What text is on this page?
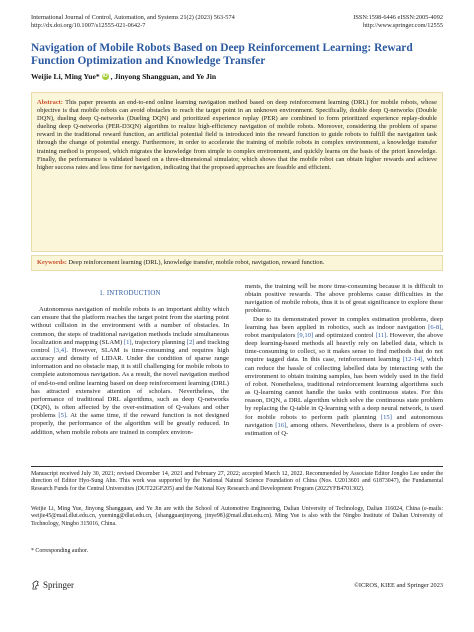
International Journal of Control, Automation, and Systems 21(2) (2023) 563-574	ISSN:1598-6446 eISSN:2005-4092
http://dx.doi.org/10.1007/s12555-021-0642-7	http://www.springer.com/12555
Navigation of Mobile Robots Based on Deep Reinforcement Learning: Reward Function Optimization and Knowledge Transfer
Weijie Li, Ming Yue* iD , Jinyong Shangguan, and Ye Jin
Abstract: This paper presents an end-to-end online learning navigation method based on deep reinforcement learning (DRL) for mobile robots, whose objective is that mobile robots can avoid obstacles to reach the target point in an unknown environment. Specifically, double deep Q-networks (Double DQN), dueling deep Q-networks (Dueling DQN) and prioritized experience replay (PER) are combined to form prioritized experience replay-double dueling deep Q-networks (PER-D3QN) algorithm to realize high-efficiency navigation of mobile robots. Moreover, considering the problem of sparse reward in the traditional reward function, an artificial potential field is introduced into the reward function to guide robots to fulfill the navigation task through the change of potential energy. Furthermore, in order to accelerate the training of mobile robots in complex environment, a knowledge transfer training method is proposed, which migrates the knowledge from simple to complex environment, and quickly learns on the basis of the priori knowledge. Finally, the performance is validated based on a three-dimensional simulator, which shows that the mobile robot can obtain higher rewards and achieve higher success rates and less time for navigation, indicating that the proposed approaches are feasible and efficient.
Keywords: Deep reinforcement learning (DRL), knowledge transfer, mobile robot, navigation, reward function.
1. INTRODUCTION

Autonomous navigation of mobile robots is an important ability which can ensure that the platform reaches the target point from the starting point without collision in the environment with a number of obstacles. In common, the steps of traditional navigation methods include simultaneous localization and mapping (SLAM) [1], trajectory planning [2] and tracking control [3,4]. However, SLAM is time-consuming and requires high accuracy and density of LIDAR. Under the condition of sparse range information and no obstacle map, it is still challenging for mobile robots to complete autonomous navigation. As a result, the novel navigation method of end-to-end online learning based on deep reinforcement learning (DRL) has attracted extensive attention of scholars. Nevertheless, the performance of traditional DRL algorithms, such as deep Q-networks (DQN), is often affected by the over-estimation of Q-values and other problems [5]. At the same time, if the reward function is not designed properly, the performance of the algorithm will be greatly reduced. In addition, when mobile robots are trained in complex environ-

ments, the training will be more time-consuming because it is difficult to obtain positive rewards. The above problems cause difficulties in the navigation of mobile robots, thus it is of great significance to explore these problems.

Due to its demonstrated power in complex estimation problems, deep learning has been applied in robotics, such as indoor navigation [6-8], robot manipulators [9,10] and optimized control [11]. However, the above deep learning-based methods all heavily rely on labelled data, which is time-consuming to collect, so it makes sense to find methods that do not require tagged data. In this case, reinforcement learning [12-14], which can reduce the hassle of collecting labelled data by interacting with the environment to obtain training samples, has been widely used in the field of robot. Nonetheless, traditional reinforcement learning algorithms such as Q-learning cannot handle the tasks with continuous states. For this reason, DQN, a DRL algorithm which solve the continuous state problem by replacing the Q-table in Q-learning with a deep neural network, is used for mobile robots to perform path planning [15] and autonomous navigation [16], among others. Nevertheless, there is a problem of over-estimation of Q-

Manuscript received July 30, 2021; revised December 14, 2021 and February 27, 2022; accepted March 12, 2022. Recommended by Associate Editor Jongho Lee under the direction of Editor Hyo-Sung Ahn. This work was supported by the National Natural Science Foundation of China (Nos. U2013601 and 61873047), the Fundamental Research Funds for the Central Universities (DUT22GF205) and the National Key Research and Development Program (2022YFB4701302).

Weijie Li, Ming Yue, Jinyong Shangguan, and Ye Jin are with the School of Automotive Engineering, Dalian University of Technology, Dalian 116024, China (e-mails: weijie45@mail.dlut.edu.cn, yueming@dlut.edu.cn, {shangguanjinyong, jinye98}@mail.dlut.edu.cn). Ming Yue is also with the Ningbo Institute of Dalian University of Technology, Ningbo 315016, China.

* Corresponding author.

Springer	©ICROS, KIEE and Springer 2023
